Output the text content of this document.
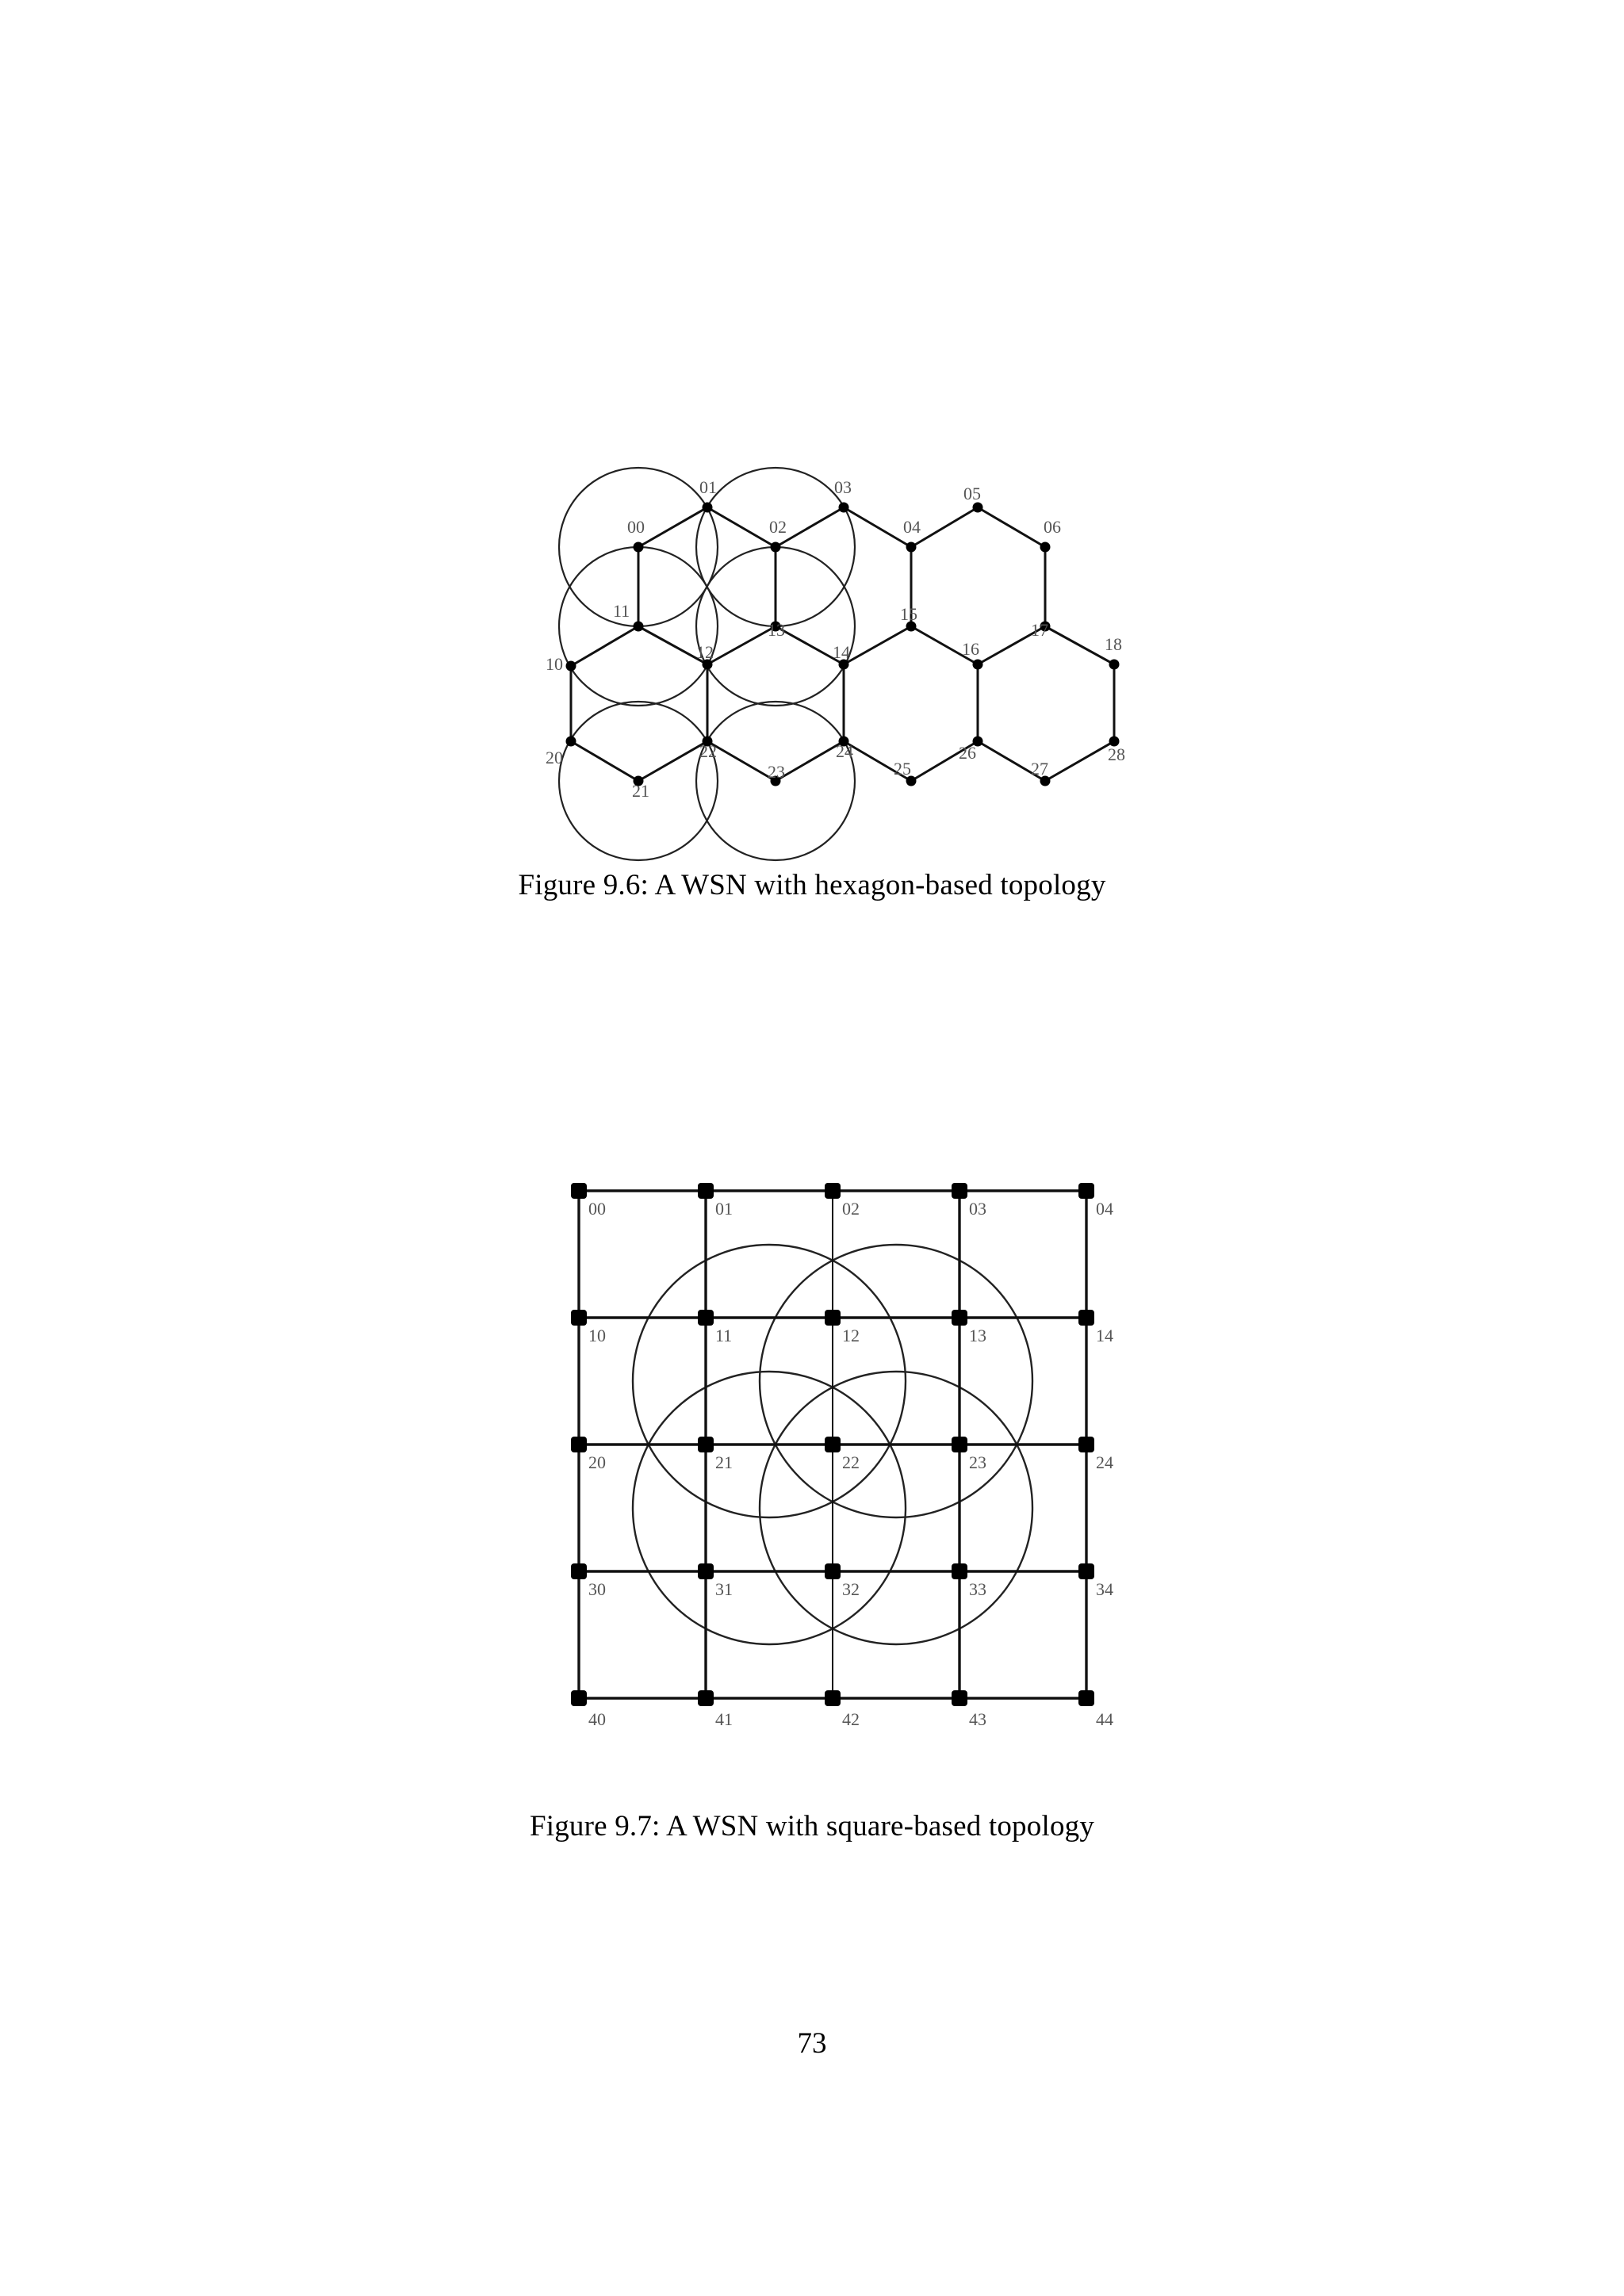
00
01
02
03
04
05
06
10
11
12
13
14
15
16
17
18
20
21
22
23
24
25
26
27
28
Figure 9.6: A WSN with hexagon-based topology
00	01	02	03	04
10	11	12	13	14
20	21	22	23	24
30	31	32	33	34
40	41	42	43	44
Figure 9.7: A WSN with square-based topology
73
